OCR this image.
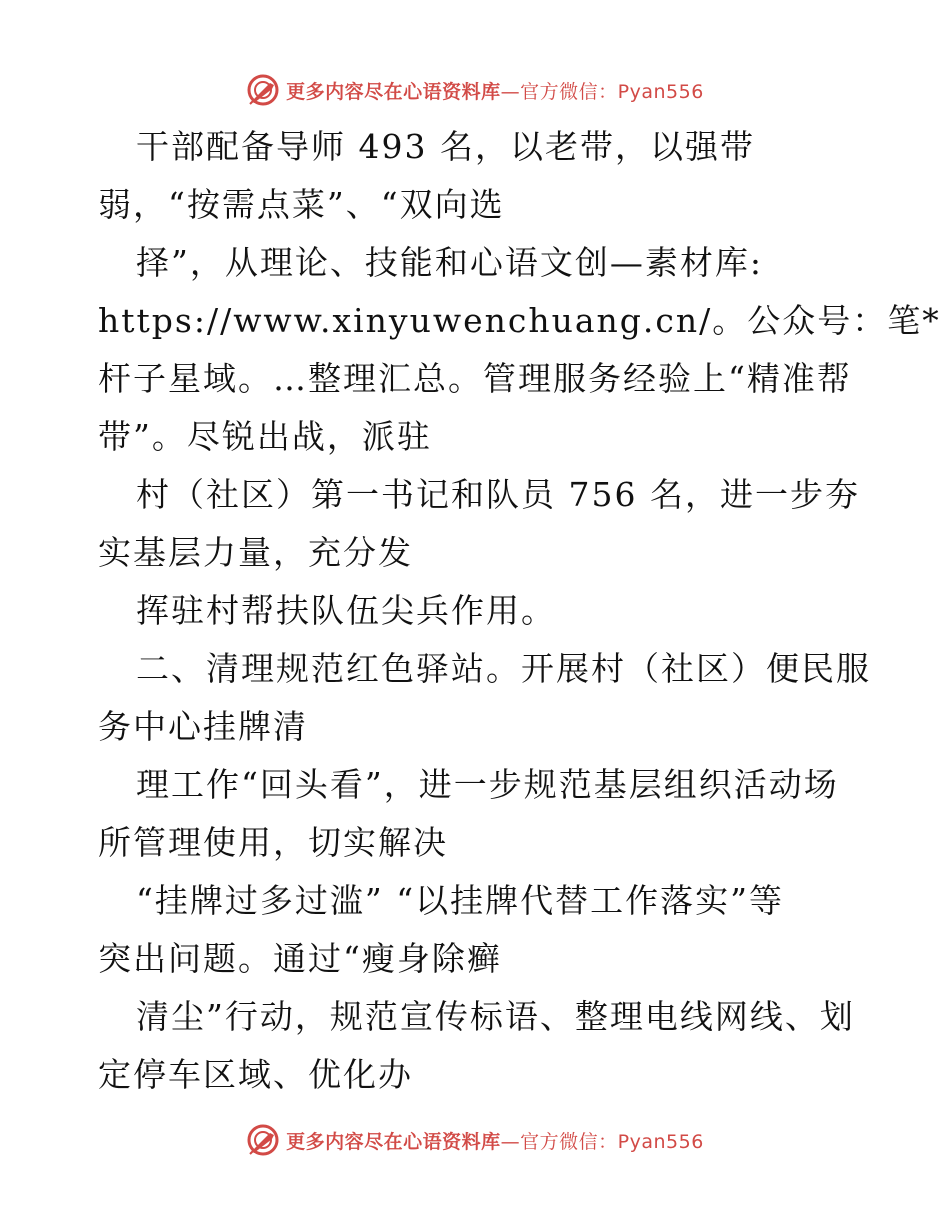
更多内容尽在心语资料库—官方微信：Pyan556
干部配备导师 493 名，以老带，以强带
弱，“按需点菜”、“双向选
择”，从理论、技能和心语文创—素材库:
https://www.xinyuwenchuang.cn/。公众号：笔*
杆子星域。…整理汇总。管理服务经验上“精准帮
带”。尽锐出战，派驻
村（社区）第一书记和队员 756 名，进一步夯
实基层力量，充分发
挥驻村帮扶队伍尖兵作用。
二、清理规范红色驿站。开展村（社区）便民服
务中心挂牌清
理工作“回头看”，进一步规范基层组织活动场
所管理使用，切实解决
“挂牌过多过滥” “以挂牌代替工作落实”等
突出问题。通过“瘦身除癣
清尘”行动，规范宣传标语、整理电线网线、划
定停车区域、优化办
更多内容尽在心语资料库—官方微信：Pyan556
